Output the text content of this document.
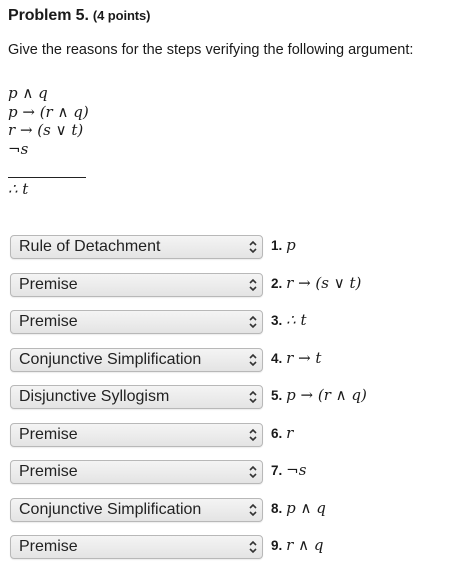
Problem 5. (4 points)
Give the reasons for the steps verifying the following argument:
p ∧ q
p → (r ∧ q)
r → (s ∨ t)
¬s
∴ t
Rule of Detachment	1. p
Premise	2. r → (s ∨ t)
Premise	3. ∴ t
Conjunctive Simplification	4. r → t
Disjunctive Syllogism	5. p → (r ∧ q)
Premise	6. r
Premise	7. ¬s
Conjunctive Simplification	8. p ∧ q
Premise	9. r ∧ q
